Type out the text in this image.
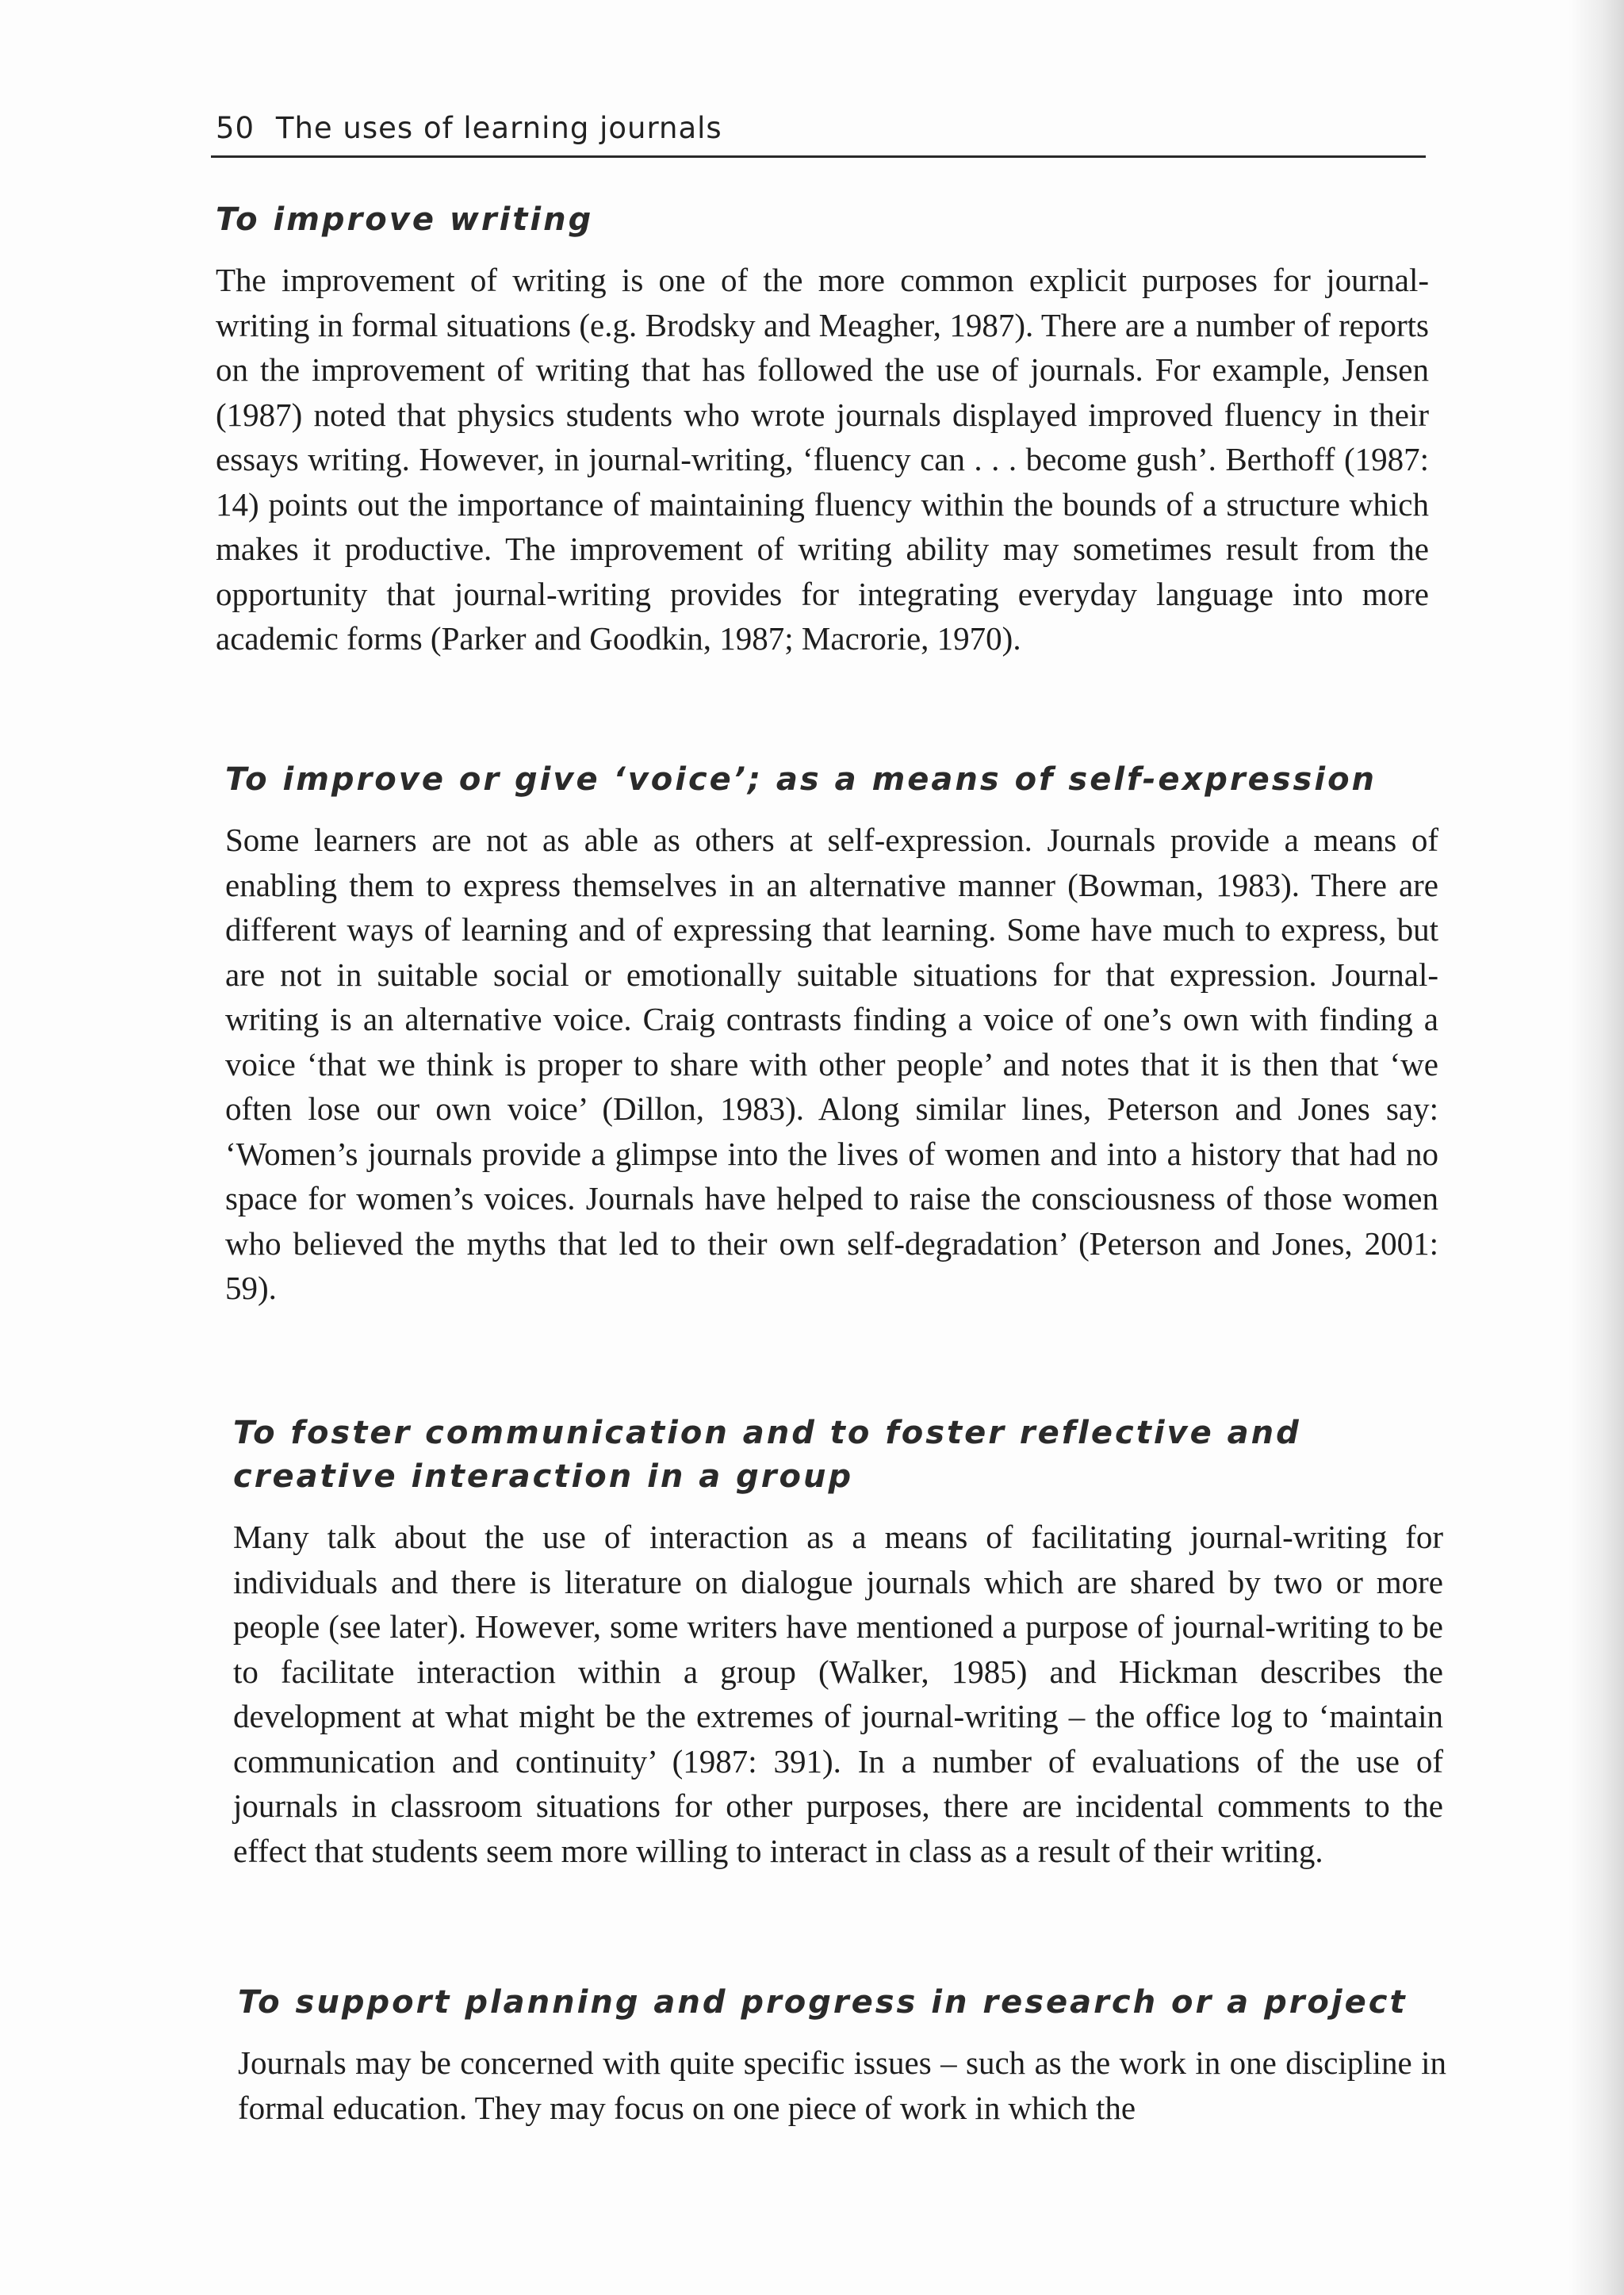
50 The uses of learning journals
To improve writing

The improvement of writing is one of the more common explicit purposes for journal-writing in formal situations (e.g. Brodsky and Meagher, 1987). There are a number of reports on the improvement of writing that has followed the use of journals. For example, Jensen (1987) noted that physics students who wrote journals displayed improved fluency in their essays writing. However, in journal-writing, ‘fluency can . . . become gush’. Berthoff (1987: 14) points out the importance of maintaining fluency within the bounds of a structure which makes it productive. The improvement of writing ability may sometimes result from the opportunity that journal-writing provides for integrating everyday language into more academic forms (Parker and Goodkin, 1987; Macrorie, 1970).

To improve or give ‘voice’; as a means of self-expression

Some learners are not as able as others at self-expression. Journals provide a means of enabling them to express themselves in an alternative manner (Bowman, 1983). There are different ways of learning and of expressing that learning. Some have much to express, but are not in suitable social or emotionally suitable situations for that expression. Journal-writing is an alternative voice. Craig contrasts finding a voice of one’s own with finding a voice ‘that we think is proper to share with other people’ and notes that it is then that ‘we often lose our own voice’ (Dillon, 1983). Along similar lines, Peterson and Jones say: ‘Women’s journals provide a glimpse into the lives of women and into a history that had no space for women’s voices. Journals have helped to raise the consciousness of those women who believed the myths that led to their own self-degradation’ (Peterson and Jones, 2001: 59).

To foster communication and to foster reflective and creative interaction in a group

Many talk about the use of interaction as a means of facilitating journal-writing for individuals and there is literature on dialogue journals which are shared by two or more people (see later). However, some writers have mentioned a purpose of journal-writing to be to facilitate interaction within a group (Walker, 1985) and Hickman describes the development at what might be the extremes of journal-writing – the office log to ‘maintain communication and continuity’ (1987: 391). In a number of evaluations of the use of journals in classroom situations for other purposes, there are incidental comments to the effect that students seem more willing to interact in class as a result of their writing.

To support planning and progress in research or a project

Journals may be concerned with quite specific issues – such as the work in one discipline in formal education. They may focus on one piece of work in which the
